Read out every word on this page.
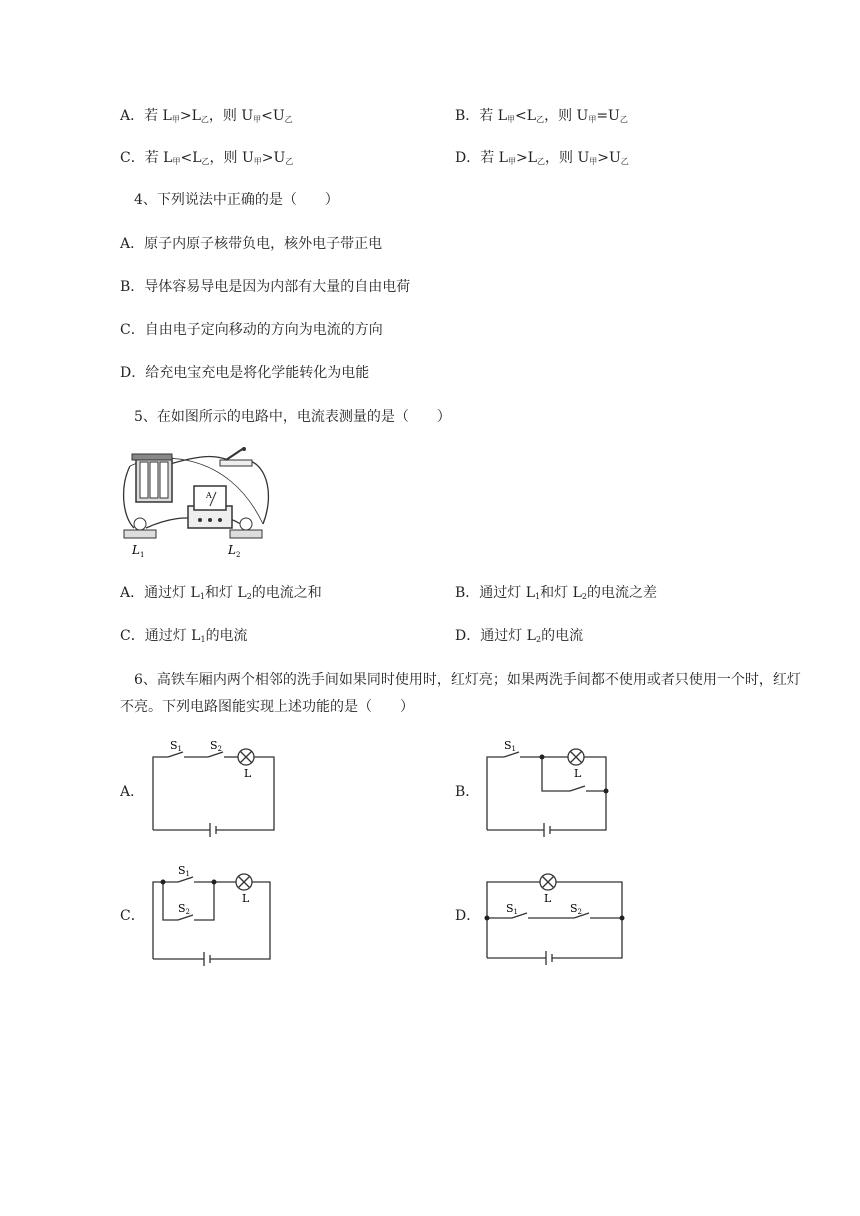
A．若 $L_甲>L_乙$，则 $U_甲<U_乙$	B．若 $L_甲<L_乙$，则 $U_甲=U_乙$
C．若 $L_甲<L_乙$，则 $U_甲>U_乙$	D．若 $L_甲>L_乙$，则 $U_甲>U_乙$
4、下列说法中正确的是（　　）
A．原子内原子核带负电，核外电子带正电
B．导体容易导电是因为内部有大量的自由电荷
C．自由电子定向移动的方向为电流的方向
D．给充电宝充电是将化学能转化为电能
5、在如图所示的电路中，电流表测量的是（　　）
A
L 1	L 2
A．通过灯 $L_1$和灯 $L_2$的电流之和	B．通过灯 $L_1$和灯 $L_2$的电流之差
C．通过灯 $L_1$的电流	D．通过灯 $L_2$的电流
6、高铁车厢内两个相邻的洗手间如果同时使用时，红灯亮；如果两洗手间都不使用或者只使用一个时，红灯不亮。下列电路图能实现上述功能的是（　　）
A．
S1	S2
L
B．
S1
L
C．
S1
S2
L
D． S1	S2
L
